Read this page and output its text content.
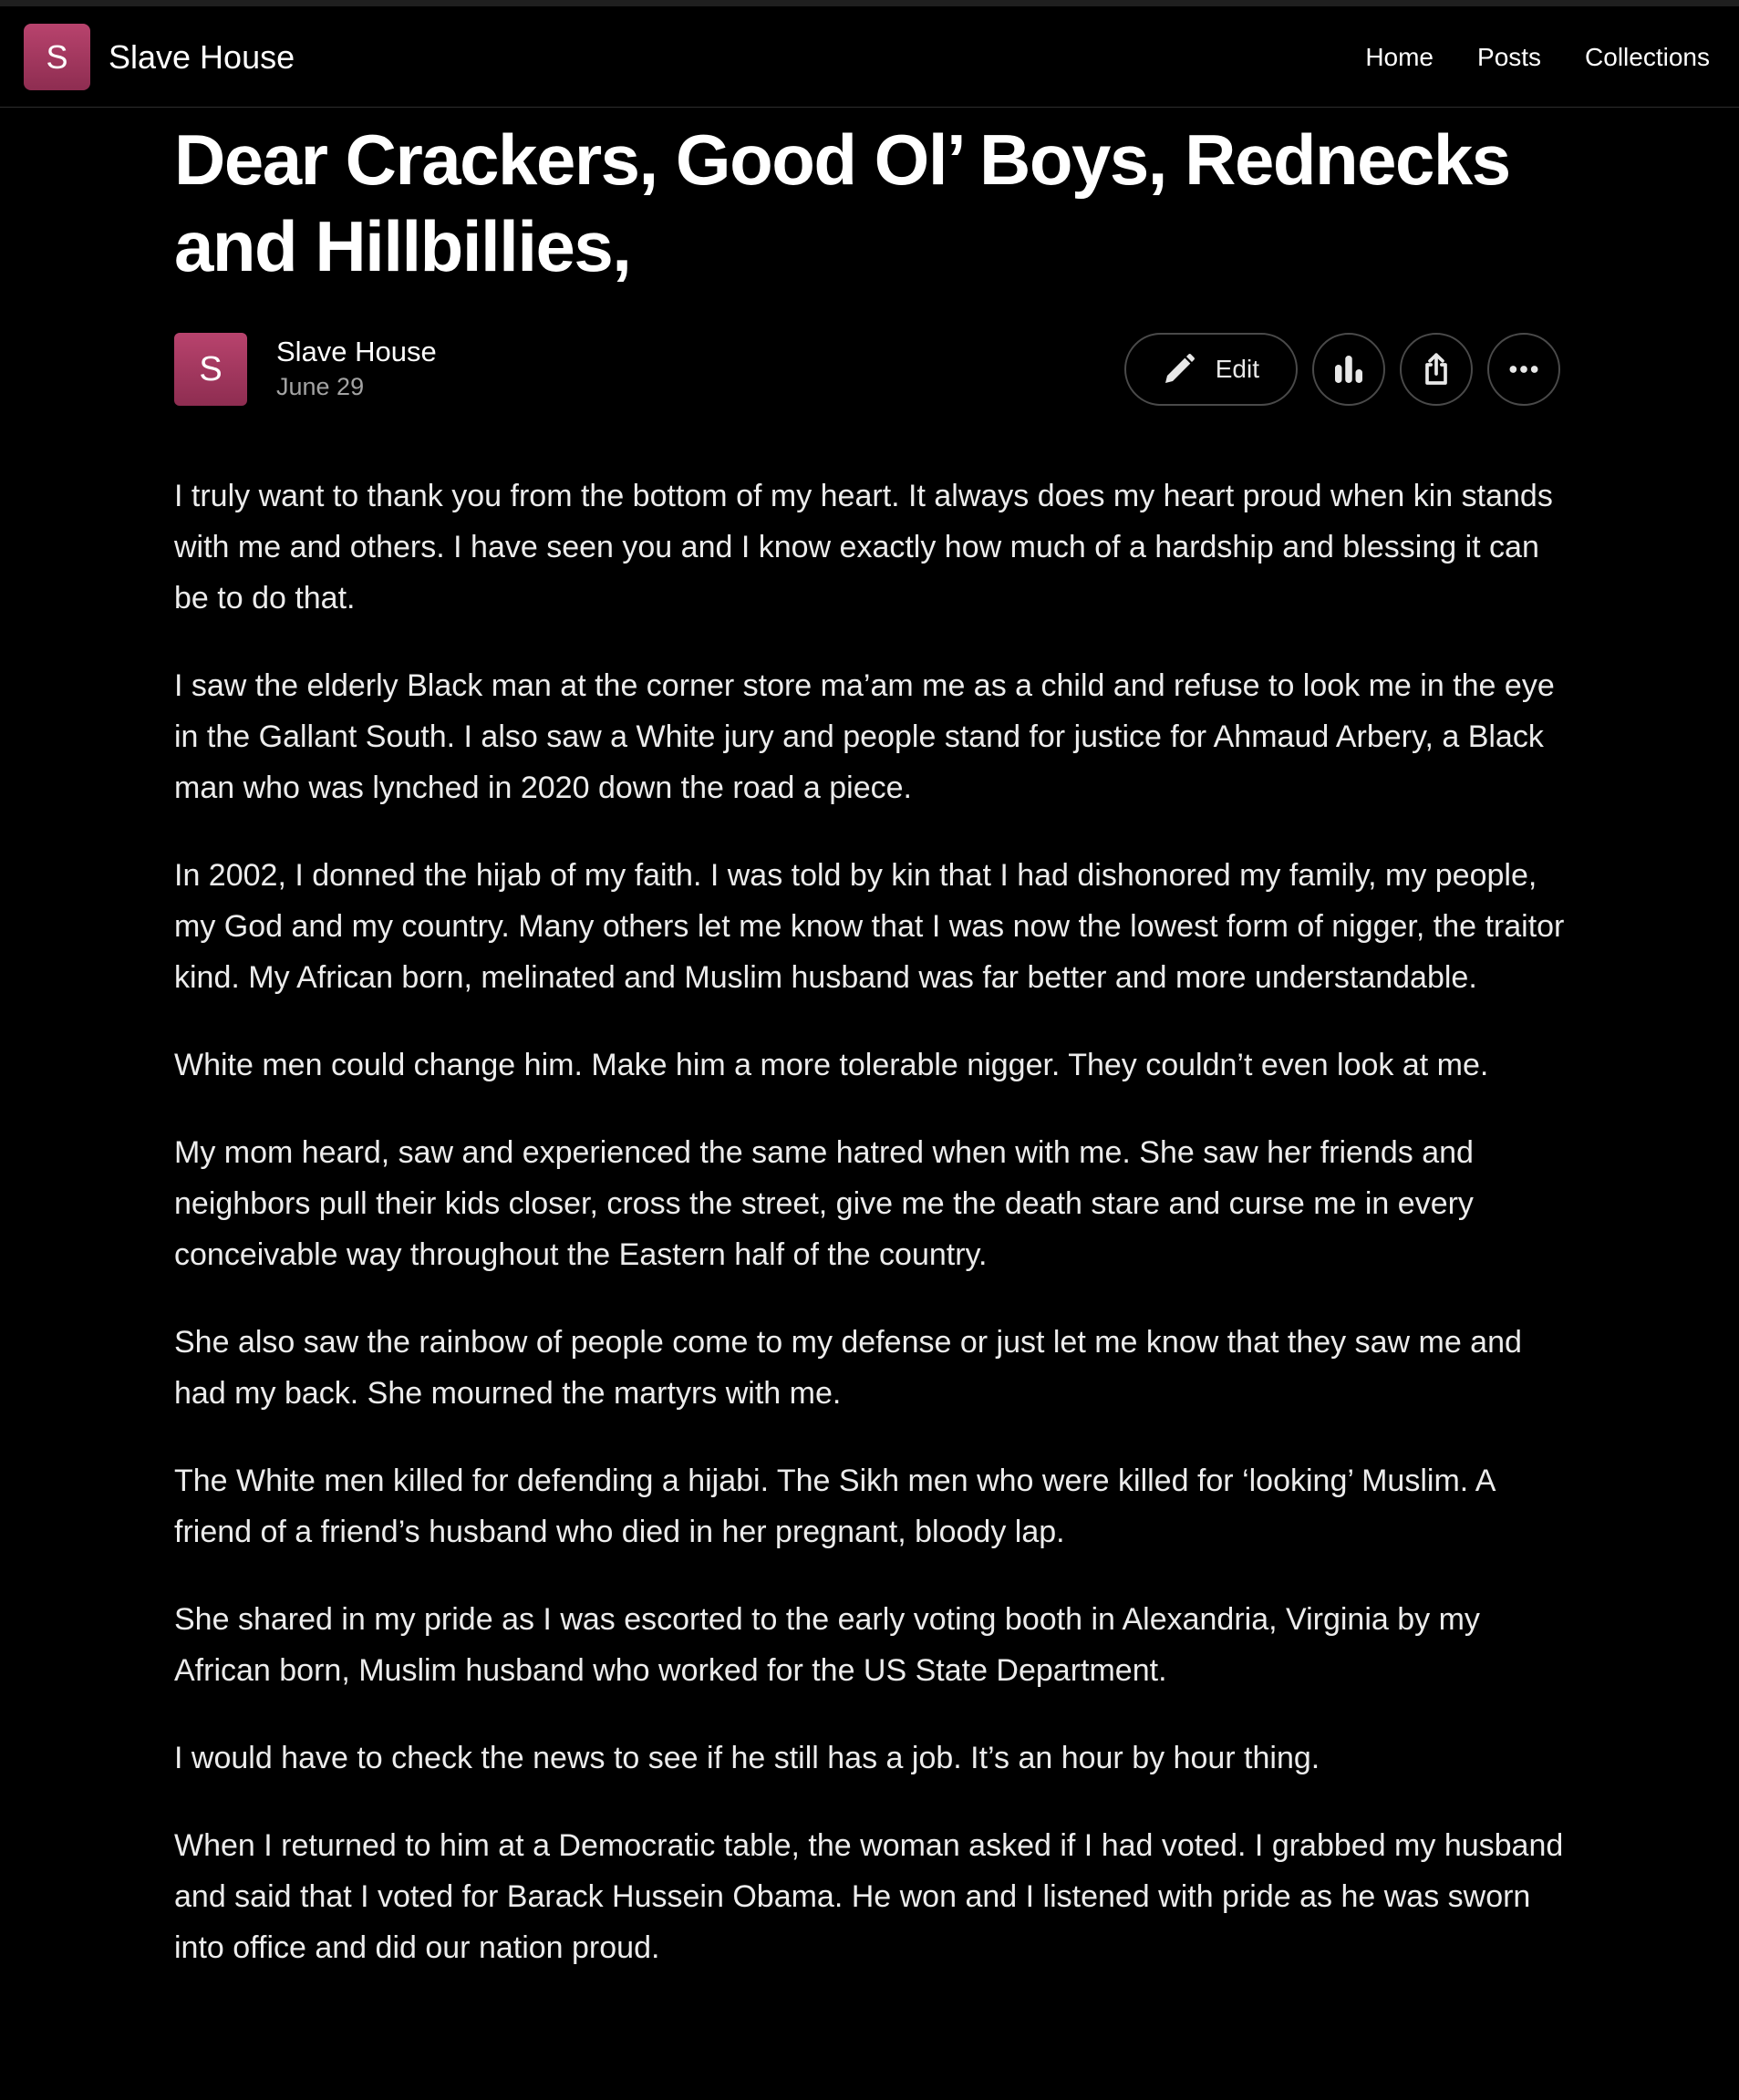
S Slave House	Home Posts Collections
Dear Crackers, Good Ol’ Boys, Rednecks and Hillbillies,
S Slave House
June 29
Edit

I truly want to thank you from the bottom of my heart. It always does my heart proud when kin stands with me and others. I have seen you and I know exactly how much of a hardship and blessing it can be to do that.

I saw the elderly Black man at the corner store ma’am me as a child and refuse to look me in the eye in the Gallant South. I also saw a White jury and people stand for justice for Ahmaud Arbery, a Black man who was lynched in 2020 down the road a piece.

In 2002, I donned the hijab of my faith. I was told by kin that I had dishonored my family, my people, my God and my country. Many others let me know that I was now the lowest form of nigger, the traitor kind. My African born, melinated and Muslim husband was far better and more understandable.

White men could change him. Make him a more tolerable nigger. They couldn’t even look at me.

My mom heard, saw and experienced the same hatred when with me. She saw her friends and neighbors pull their kids closer, cross the street, give me the death stare and curse me in every conceivable way throughout the Eastern half of the country.

She also saw the rainbow of people come to my defense or just let me know that they saw me and had my back. She mourned the martyrs with me.

The White men killed for defending a hijabi. The Sikh men who were killed for ‘looking’ Muslim. A friend of a friend’s husband who died in her pregnant, bloody lap.

She shared in my pride as I was escorted to the early voting booth in Alexandria, Virginia by my African born, Muslim husband who worked for the US State Department.

I would have to check the news to see if he still has a job. It’s an hour by hour thing.

When I returned to him at a Democratic table, the woman asked if I had voted. I grabbed my husband and said that I voted for Barack Hussein Obama. He won and I listened with pride as he was sworn into office and did our nation proud.
